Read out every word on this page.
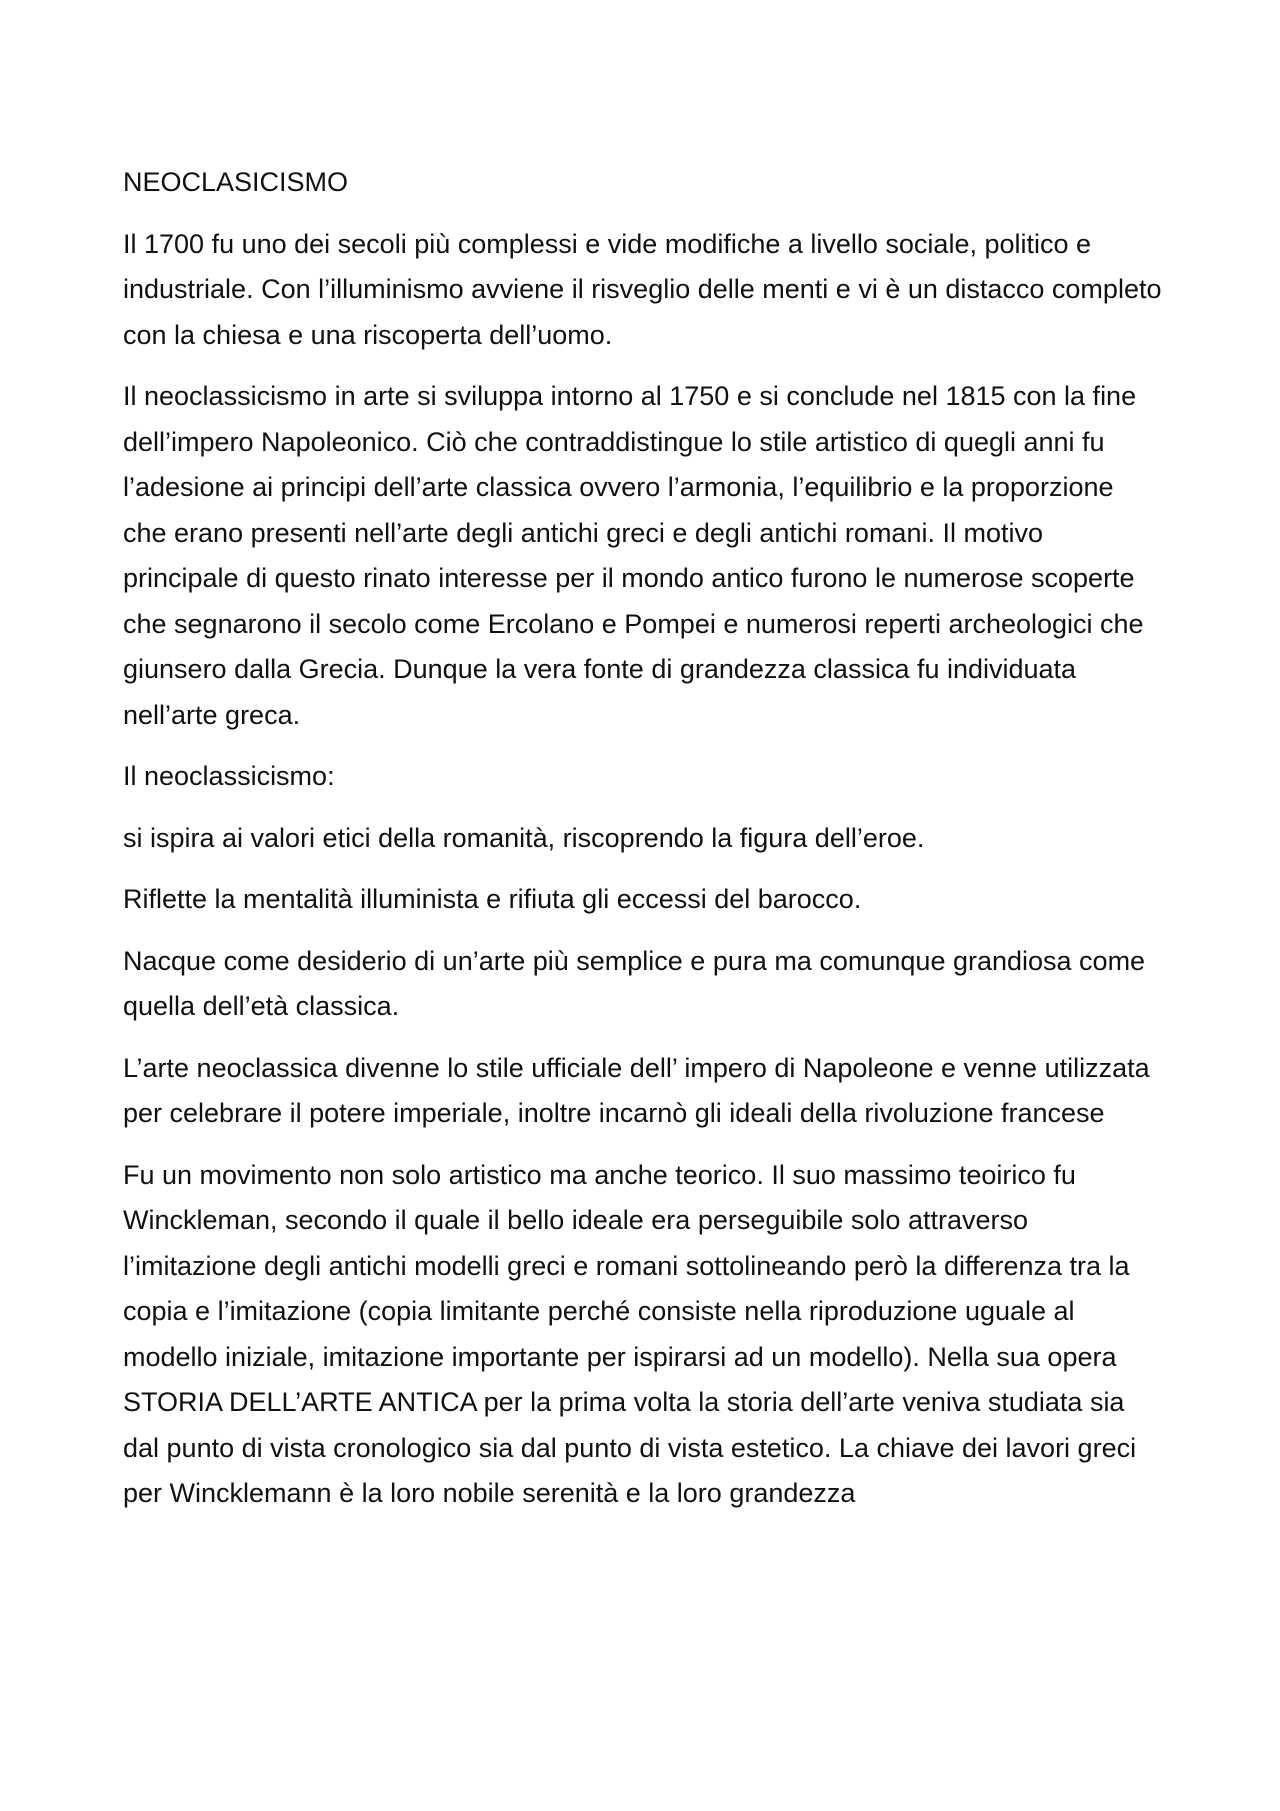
NEOCLASICISMO

Il 1700 fu uno dei secoli più complessi e vide modifiche a livello sociale, politico e industriale. Con l’illuminismo avviene il risveglio delle menti e vi è un distacco completo con la chiesa e una riscoperta dell’uomo.

Il neoclassicismo in arte si sviluppa intorno al 1750 e si conclude nel 1815 con la fine dell’impero Napoleonico. Ciò che contraddistingue lo stile artistico di quegli anni fu l’adesione ai principi dell’arte classica ovvero l’armonia, l’equilibrio e la proporzione che erano presenti nell’arte degli antichi greci e degli antichi romani. Il motivo principale di questo rinato interesse per il mondo antico furono le numerose scoperte che segnarono il secolo come Ercolano e Pompei e numerosi reperti archeologici che giunsero dalla Grecia. Dunque la vera fonte di grandezza classica fu individuata nell’arte greca.

Il neoclassicismo:

si ispira ai valori etici della romanità, riscoprendo la figura dell’eroe.

Riflette la mentalità illuminista e rifiuta gli eccessi del barocco.

Nacque come desiderio di un’arte più semplice e pura ma comunque grandiosa come quella dell’età classica.

L’arte neoclassica divenne lo stile ufficiale dell’ impero di Napoleone e venne utilizzata per celebrare il potere imperiale, inoltre incarnò gli ideali della rivoluzione francese

Fu un movimento non solo artistico ma anche teorico. Il suo massimo teoirico fu Winckleman, secondo il quale il bello ideale era perseguibile solo attraverso l’imitazione degli antichi modelli greci e romani sottolineando però la differenza tra la copia e l’imitazione (copia limitante perché consiste nella riproduzione uguale al modello iniziale, imitazione importante per ispirarsi ad un modello). Nella sua opera STORIA DELL’ARTE ANTICA per la prima volta la storia dell’arte veniva studiata sia dal punto di vista cronologico sia dal punto di vista estetico. La chiave dei lavori greci per Wincklemann è la loro nobile serenità e la loro grandezza
